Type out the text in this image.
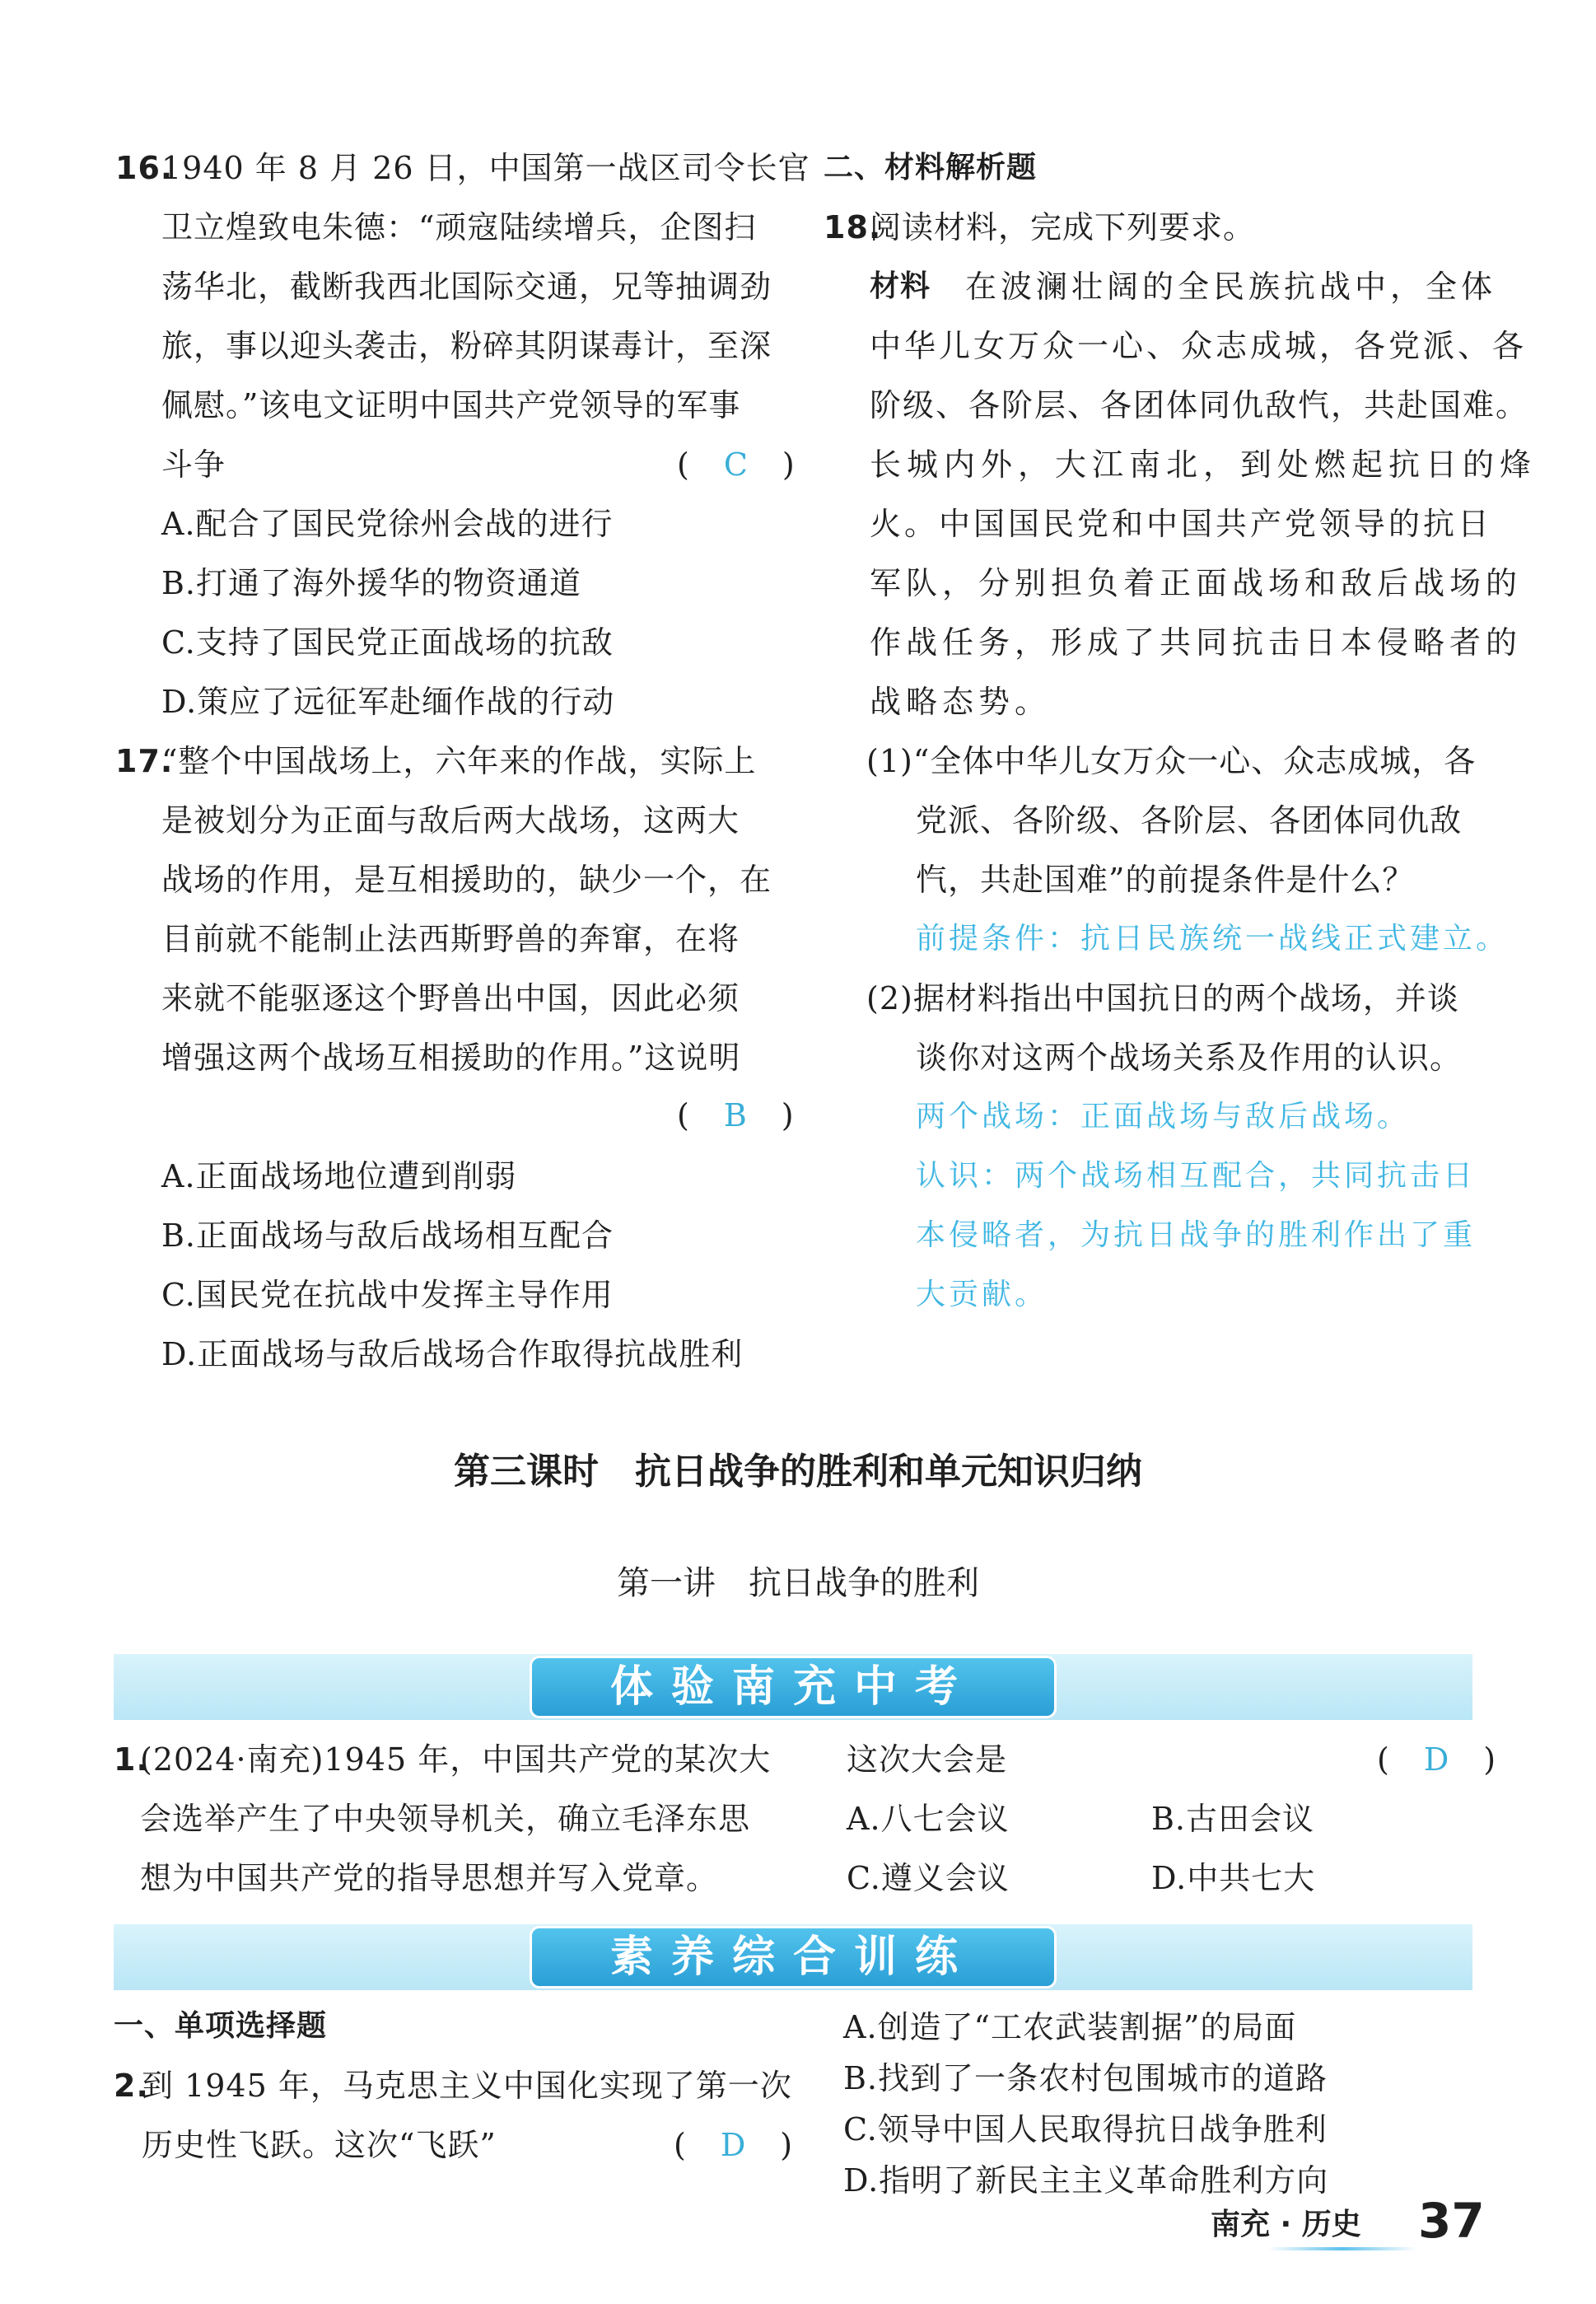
16.
1940 年 8 月 26 日，中国第一战区司令长官
卫立煌致电朱德：“顽寇陆续增兵，企图扫
荡华北，截断我西北国际交通，兄等抽调劲
旅，事以迎头袭击，粉碎其阴谋毒计，至深
佩慰。”该电文证明中国共产党领导的军事
斗争	(　C　)
A.配合了国民党徐州会战的进行
B.打通了海外援华的物资通道
C.支持了国民党正面战场的抗敌
D.策应了远征军赴缅作战的行动
17.
“整个中国战场上，六年来的作战，实际上
是被划分为正面与敌后两大战场，这两大
战场的作用，是互相援助的，缺少一个，在
目前就不能制止法西斯野兽的奔窜，在将
来就不能驱逐这个野兽出中国，因此必须
增强这两个战场互相援助的作用。”这说明
(　B　)
A.正面战场地位遭到削弱
B.正面战场与敌后战场相互配合
C.国民党在抗战中发挥主导作用
D.正面战场与敌后战场合作取得抗战胜利
二、材料解析题
18.
阅读材料，完成下列要求。
材料 在波澜壮阔的全民族抗战中，全体
中华儿女万众一心、众志成城，各党派、各
阶级、各阶层、各团体同仇敌忾，共赴国难。
长城内外，大江南北，到处燃起抗日的烽
火。中国国民党和中国共产党领导的抗日
军队，分别担负着正面战场和敌后战场的
作战任务，形成了共同抗击日本侵略者的
战略态势。
(1)“全体中华儿女万众一心、众志成城，各
党派、各阶级、各阶层、各团体同仇敌
忾，共赴国难”的前提条件是什么？
前提条件：抗日民族统一战线正式建立。
(2)据材料指出中国抗日的两个战场，并谈
谈你对这两个战场关系及作用的认识。
两个战场：正面战场与敌后战场。
认识：两个战场相互配合，共同抗击日
本侵略者，为抗日战争的胜利作出了重
大贡献。
第三课时　抗日战争的胜利和单元知识归纳
第一讲　抗日战争的胜利
体验南充中考
1.
(2024·南充)1945 年，中国共产党的某次大
会选举产生了中央领导机关，确立毛泽东思
想为中国共产党的指导思想并写入党章。
这次大会是	(　D　)
A.八七会议	B.古田会议
C.遵义会议	D.中共七大
素养综合训练
一、单项选择题
2.
到 1945 年，马克思主义中国化实现了第一次
历史性飞跃。这次“飞跃”	(　D　)
A.创造了“工农武装割据”的局面
B.找到了一条农村包围城市的道路
C.领导中国人民取得抗日战争胜利
D.指明了新民主主义革命胜利方向
南充 · 历史 37
